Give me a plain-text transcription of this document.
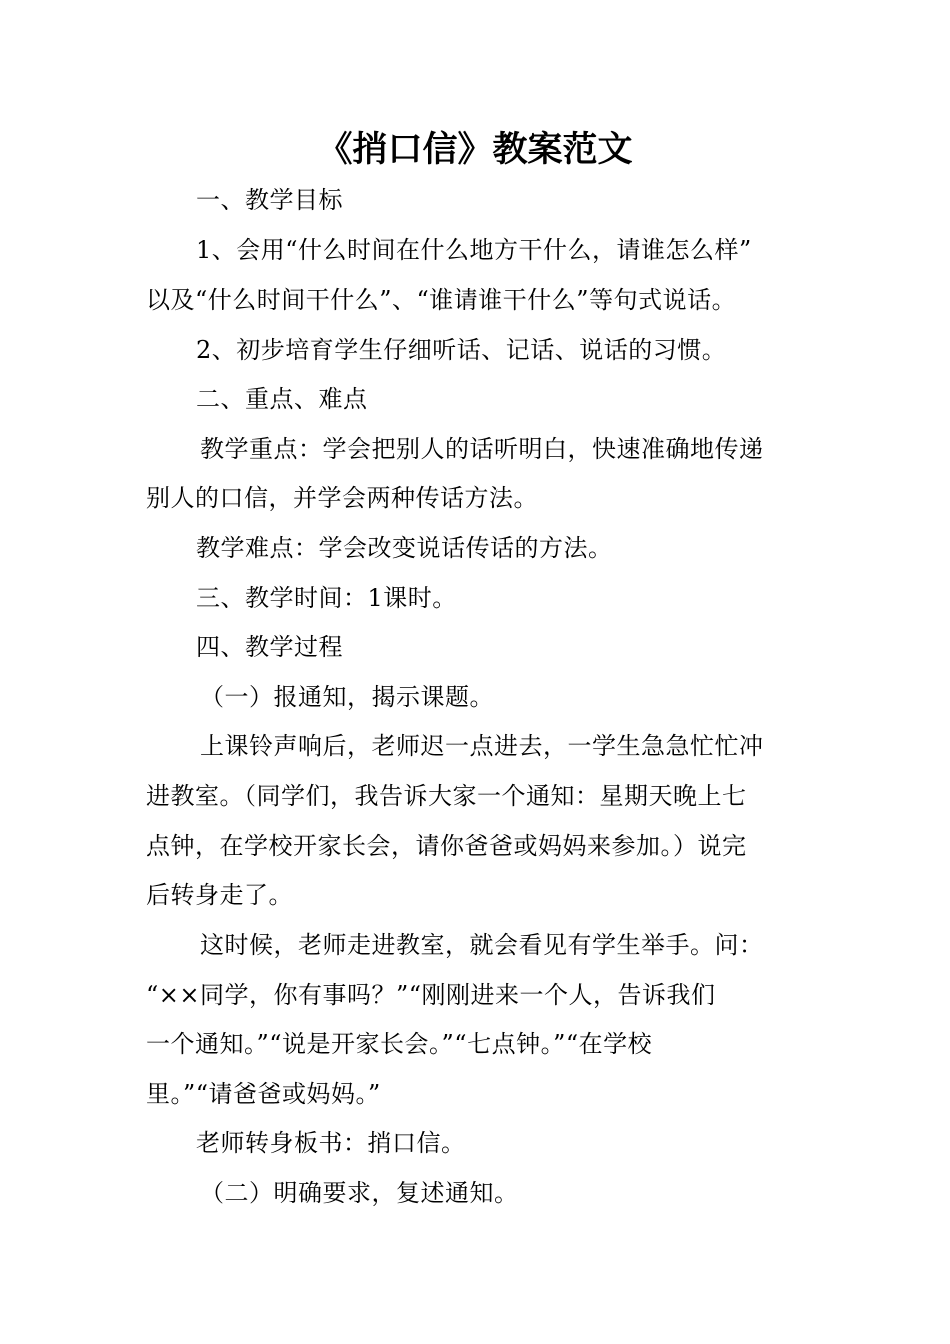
《捎口信》教案范文
一、教学目标
1、会用“什么时间在什么地方干什么，请谁怎么样”
以及“什么时间干什么”、“谁请谁干什么”等句式说话。
2、初步培育学生仔细听话、记话、说话的习惯。
二、重点、难点
教学重点：学会把别人的话听明白，快速准确地传递
别人的口信，并学会两种传话方法。
教学难点：学会改变说话传话的方法。
三、教学时间：1课时。
四、教学过程
（一）报通知，揭示课题。
上课铃声响后，老师迟一点进去，一学生急急忙忙冲
进教室。（同学们，我告诉大家一个通知：星期天晚上七
点钟，在学校开家长会，请你爸爸或妈妈来参加。）说完
后转身走了。
这时候，老师走进教室，就会看见有学生举手。问：
“××同学，你有事吗？”“刚刚进来一个人，告诉我们
一个通知。”“说是开家长会。”“七点钟。”“在学校
里。”“请爸爸或妈妈。”
老师转身板书：捎口信。
（二）明确要求，复述通知。
